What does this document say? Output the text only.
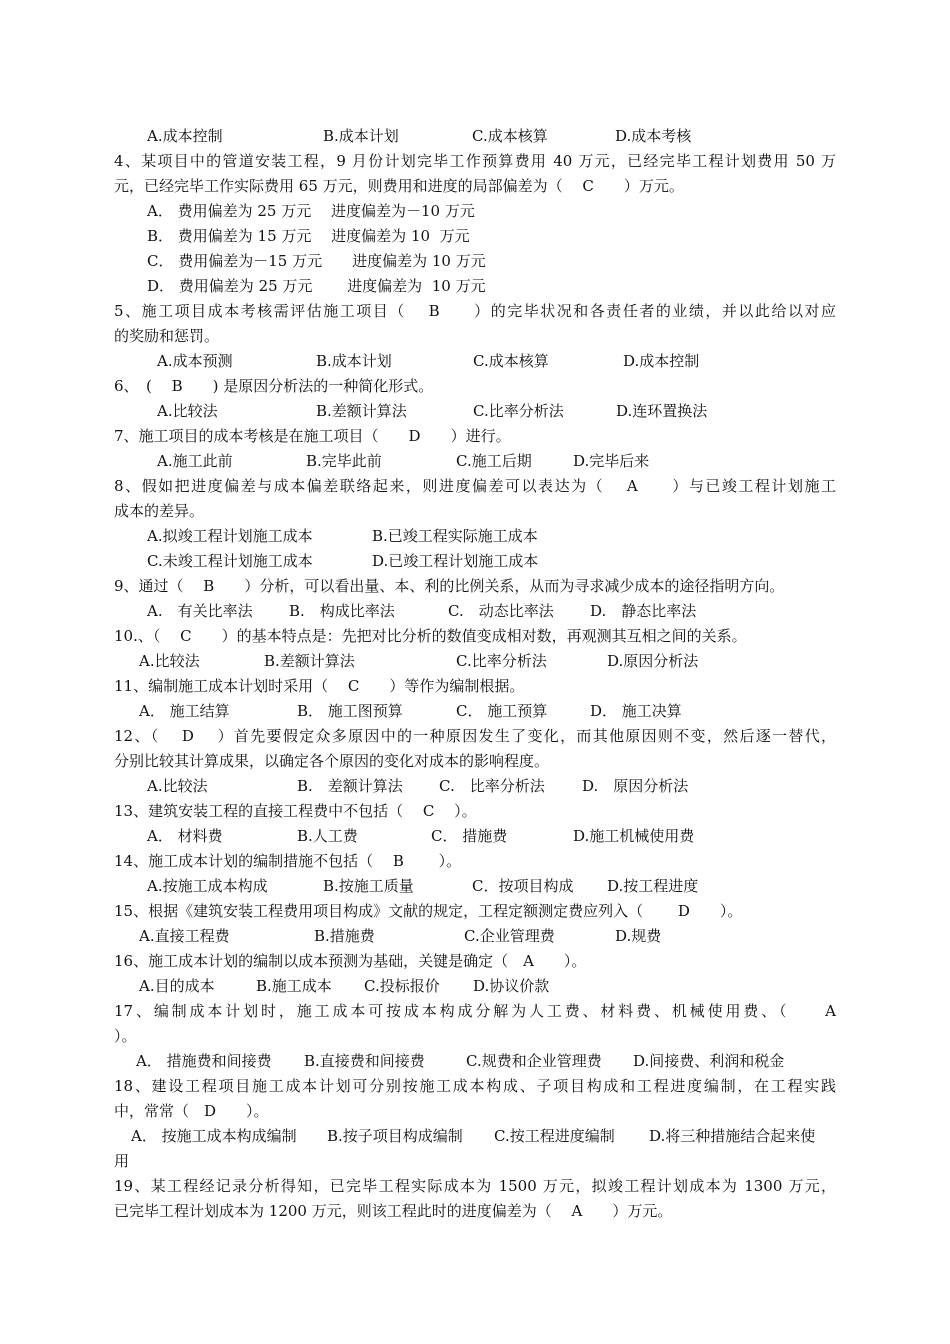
A.成本控制	B.成本计划	C.成本核算	D.成本考核

4、某项目中的管道安装工程，9 月份计划完毕工作预算费用 40 万元，已经完毕工程计划费用 50 万

元，已经完毕工作实际费用 65 万元，则费用和进度的局部偏差为（　 C　　）万元。

A． 费用偏差为 25 万元　 进度偏差为－10 万元

B． 费用偏差为 15 万元　 进度偏差为 10  万元

C． 费用偏差为－15 万元　　进度偏差为 10 万元

D． 费用偏差为 25 万元　　 进度偏差为  10 万元

5、施工项目成本考核需评估施工项目（　 B　　）的完毕状况和各责任者的业绩，并以此给以对应

的奖励和惩罚。

A.成本预测	B.成本计划	C.成本核算	D.成本控制

6、　(　 B　　) 是原因分析法的一种简化形式。

A.比较法	B.差额计算法	C.比率分析法	D.连环置换法

7、施工项目的成本考核是在施工项目（　　D　　）进行。

A.施工此前	B.完毕此前	C.施工后期	D.完毕后来

8、假如把进度偏差与成本偏差联络起来，则进度偏差可以表达为（　 A　　）与已竣工程计划施工

成本的差异。

A.拟竣工程计划施工成本	B.已竣工程实际施工成本
C.未竣工程计划施工成本	D.已竣工程计划施工成本

9、通过（　 B　　）分析，可以看出量、本、利的比例关系，从而为寻求减少成本的途径指明方向。

A.　有关比率法 B.　构成比率法	C.　动态比率法 D.　静态比率法

10.、（　 C　　）的基本特点是：先把对比分析的数值变成相对数，再观测其互相之间的关系。

A.比较法	B.差额计算法	C.比率分析法	D.原因分析法

11、编制施工成本计划时采用（　 C　　）等作为编制根据。

A． 施工结算	B． 施工图预算	C． 施工预算	D． 施工决算

12、（　 D　 ）首先要假定众多原因中的一种原因发生了变化，而其他原因则不变，然后逐一替代，

分别比较其计算成果，以确定各个原因的变化对成本的影响程度。

A.比较法	B.　差额计算法 C.　比率分析法 D.　原因分析法

13、建筑安装工程的直接工程费中不包括（　 C　 ）。

A． 材料费	B.人工费	C． 措施费	D.施工机械使用费

14、施工成本计划的编制措施不包括（　 B　　 ）。

A.按施工成本构成	B.按施工质量	C．按项目构成 D.按工程进度

15、根据《建筑安装工程费用项目构成》文献的规定，工程定额测定费应列入（　　 D　　）。

A.直接工程费	B.措施费	C.企业管理费	D.规费

16、施工成本计划的编制以成本预测为基础，关键是确定（　A　　）。

A.目的成本	B.施工成本 C.投标报价 D.协议价款

17、编制成本计划时，施工成本可按成本构成分解为人工费、材料费、机械使用费、（　　A

）。

A． 措施费和间接费 B.直接费和间接费	C.规费和企业管理费 D.间接费、利润和税金

18、建设工程项目施工成本计划可分别按施工成本构成、子项目构成和工程进度编制，在工程实践

中，常常（　D　　）。

A． 按施工成本构成编制 B.按子项目构成编制 C.按工程进度编制 D.将三种措施结合起来使

用

19、某工程经记录分析得知，已完毕工程实际成本为 1500 万元，拟竣工程计划成本为 1300 万元，

已完毕工程计划成本为 1200 万元，则该工程此时的进度偏差为（　 A　　）万元。
